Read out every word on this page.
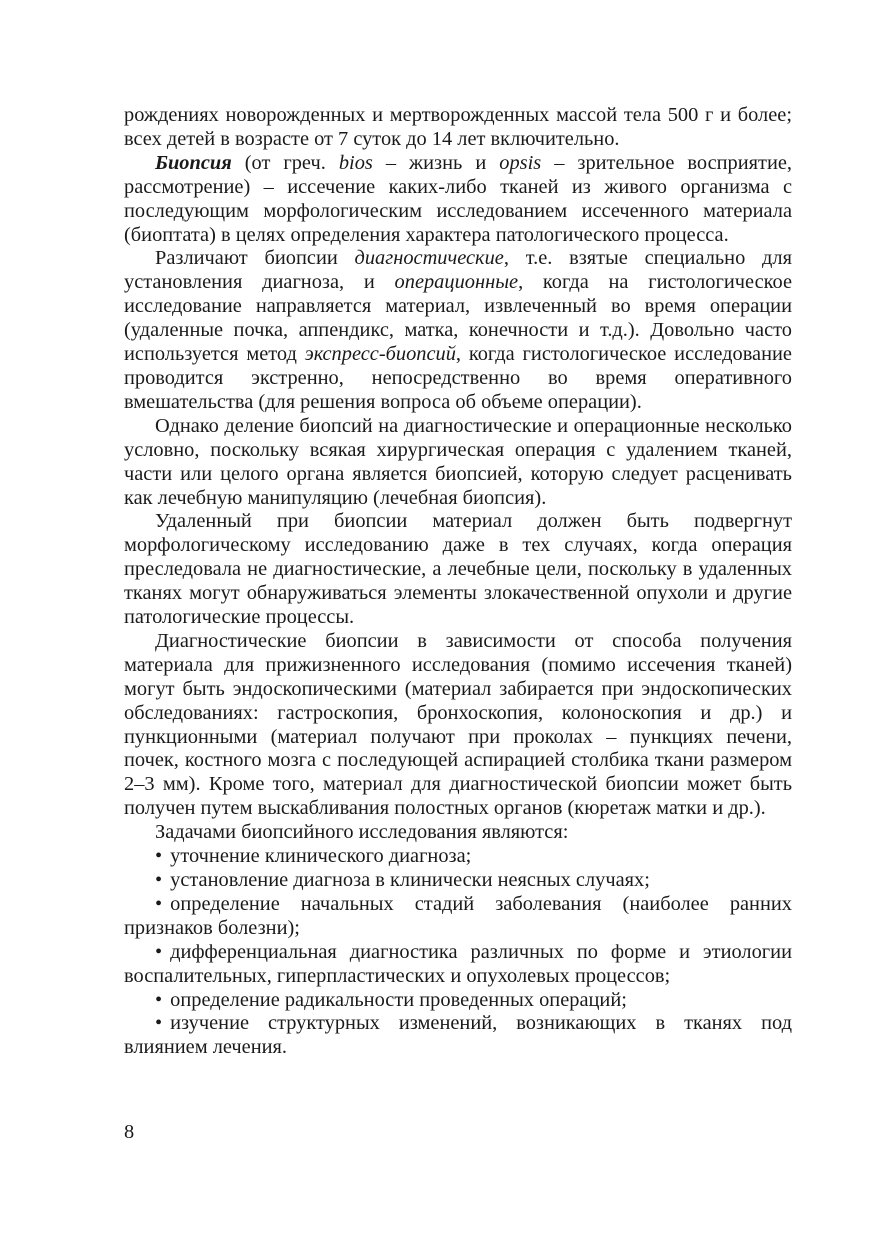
рождениях новорожденных и мертворожденных массой тела 500 г и более; всех детей в возрасте от 7 суток до 14 лет включительно.

Биопсия (от греч. bios – жизнь и opsis – зрительное восприятие, рассмотрение) – иссечение каких-либо тканей из живого организма с последующим морфологическим исследованием иссеченного материала (биоптата) в целях определения характера патологического процесса.

Различают биопсии диагностические, т.е. взятые специально для установления диагноза, и операционные, когда на гистологическое исследование направляется материал, извлеченный во время операции (удаленные почка, аппендикс, матка, конечности и т.д.). Довольно часто используется метод экспресс-биопсий, когда гистологическое исследование проводится экстренно, непосредственно во время оперативного вмешательства (для решения вопроса об объеме операции).

Однако деление биопсий на диагностические и операционные несколько условно, поскольку всякая хирургическая операция с удалением тканей, части или целого органа является биопсией, которую следует расценивать как лечебную манипуляцию (лечебная биопсия).

Удаленный при биопсии материал должен быть подвергнут морфологическому исследованию даже в тех случаях, когда операция преследовала не диагностические, а лечебные цели, поскольку в удаленных тканях могут обнаруживаться элементы злокачественной опухоли и другие патологические процессы.

Диагностические биопсии в зависимости от способа получения материала для прижизненного исследования (помимо иссечения тканей) могут быть эндоскопическими (материал забирается при эндоскопических обследованиях: гастроскопия, бронхоскопия, колоноскопия и др.) и пункционными (материал получают при проколах – пункциях печени, почек, костного мозга с последующей аспирацией столбика ткани размером 2–3 мм). Кроме того, материал для диагностической биопсии может быть получен путем выскабливания полостных органов (кюретаж матки и др.).

Задачами биопсийного исследования являются:

• уточнение клинического диагноза;

• установление диагноза в клинически неясных случаях;

• определение начальных стадий заболевания (наиболее ранних признаков болезни);

• дифференциальная диагностика различных по форме и этиологии воспалительных, гиперпластических и опухолевых процессов;

• определение радикальности проведенных операций;

• изучение структурных изменений, возникающих в тканях под влиянием лечения.

8
